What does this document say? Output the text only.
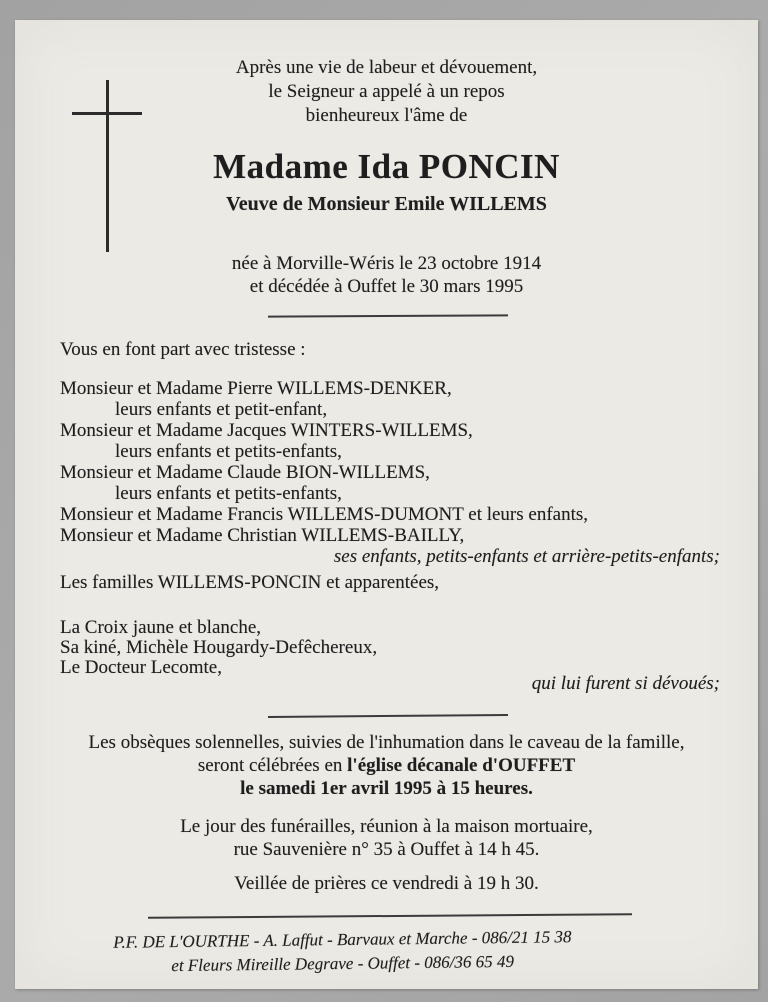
Après une vie de labeur et dévouement,
le Seigneur a appelé à un repos
bienheureux l'âme de
Madame Ida PONCIN
Veuve de Monsieur Emile WILLEMS
née à Morville-Wéris le 23 octobre 1914
et décédée à Ouffet le 30 mars 1995
Vous en font part avec tristesse :
Monsieur et Madame Pierre WILLEMS-DENKER,
leurs enfants et petit-enfant,
Monsieur et Madame Jacques WINTERS-WILLEMS,
leurs enfants et petits-enfants,
Monsieur et Madame Claude BION-WILLEMS,
leurs enfants et petits-enfants,
Monsieur et Madame Francis WILLEMS-DUMONT et leurs enfants,
Monsieur et Madame Christian WILLEMS-BAILLY,
ses enfants, petits-enfants et arrière-petits-enfants;
Les familles WILLEMS-PONCIN et apparentées,
La Croix jaune et blanche,
Sa kiné, Michèle Hougardy-Defêchereux,
Le Docteur Lecomte,
qui lui furent si dévoués;
Les obsèques solennelles, suivies de l'inhumation dans le caveau de la famille,
seront célébrées en l'église décanale d'OUFFET
le samedi 1er avril 1995 à 15 heures.
Le jour des funérailles, réunion à la maison mortuaire,
rue Sauvenière n° 35 à Ouffet à 14 h 45.
Veillée de prières ce vendredi à 19 h 30.
P.F. DE L'OURTHE - A. Laffut - Barvaux et Marche - 086/21 15 38
et Fleurs Mireille Degrave - Ouffet - 086/36 65 49
